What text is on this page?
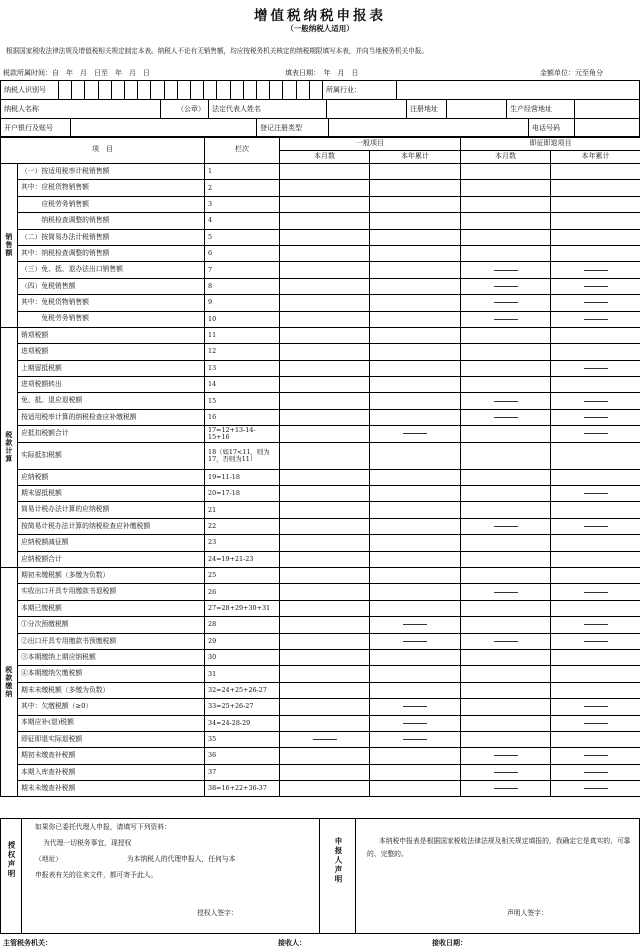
增值税纳税申报表
（一般纳税人适用）
根据国家税收法律法规及增值税相关规定制定本表。纳税人不论有无销售额，均应按税务机关核定的纳税期限填写本表，并向当地税务机关申报。
税款所属时间：自　年　月　日至　年　月　日	填表日期：　年　月　日	金额单位：元至角分
纳税人识别号		所属行业：	
纳税人名称	（公章）	法定代表人姓名		注册地址		生产经营地址	
开户银行及账号		登记注册类型		电话号码	
项　目		栏次	一般项目		即征即退项目	
			本月数	本年累计	本月数	本年累计
销售额	（一）按适用税率计税销售额	1				
	其中：应税货物销售额	2				
	　　　应税劳务销售额	3				
	　　　纳税检查调整的销售额	4				
	（二）按简易办法计税销售额	5				
	其中：纳税检查调整的销售额	6				
	（三）免、抵、退办法出口销售额	7			

	（四）免税销售额	8			

	其中：免税货物销售额	9			

	　　　免税劳务销售额	10			

税款计算	销项税额	11				
	进项税额	12				
	上期留抵税额	13				

	进项税额转出	14				
	免、抵、退应退税额	15			

	按适用税率计算的纳税检查应补缴税额	16			

	应抵扣税额合计	17=12+13-14-15+16		

	实际抵扣税额	18（如17<11，则为17，否则为11）				
	应纳税额	19=11-18				
	期末留抵税额	20=17-18				

	简易计税办法计算的应纳税额	21				
	按简易计税办法计算的纳税检查应补缴税额	22			

	应纳税额减征额	23				
	应纳税额合计	24=19+21-23				
税款缴纳	期初未缴税额（多缴为负数）	25				
	实收出口开具专用缴款书退税额	26			

	本期已缴税额	27=28+29+30+31				
	①分次预缴税额	28		

	②出口开具专用缴款书预缴税额	29		

	③本期缴纳上期应纳税额	30				
	④本期缴纳欠缴税额	31				
	期末未缴税额（多缴为负数）	32=24+25+26-27				
	其中：欠缴税额（≥0）	33=25+26-27		

	本期应补(退)税额	34=24-28-29		

	即征即退实际退税额	35	

	期初未缴查补税额	36			

	本期入库查补税额	37			

	期末未缴查补税额	38=16+22+36-37			

授权声明
如果你已委托代理人申报，请填写下列资料：
为代理一切税务事宜，现授权
（地址）　　　　　　　　　　为本纳税人的代理申报人，任何与本
申报表有关的往来文件，都可寄予此人。
授权人签字：
申报人声明	本纳税申报表是根据国家税收法律法规及相关规定填报的，我确定它是真实的、可靠的、完整的。
声明人签字：
主管税务机关：	接收人：	接收日期：
